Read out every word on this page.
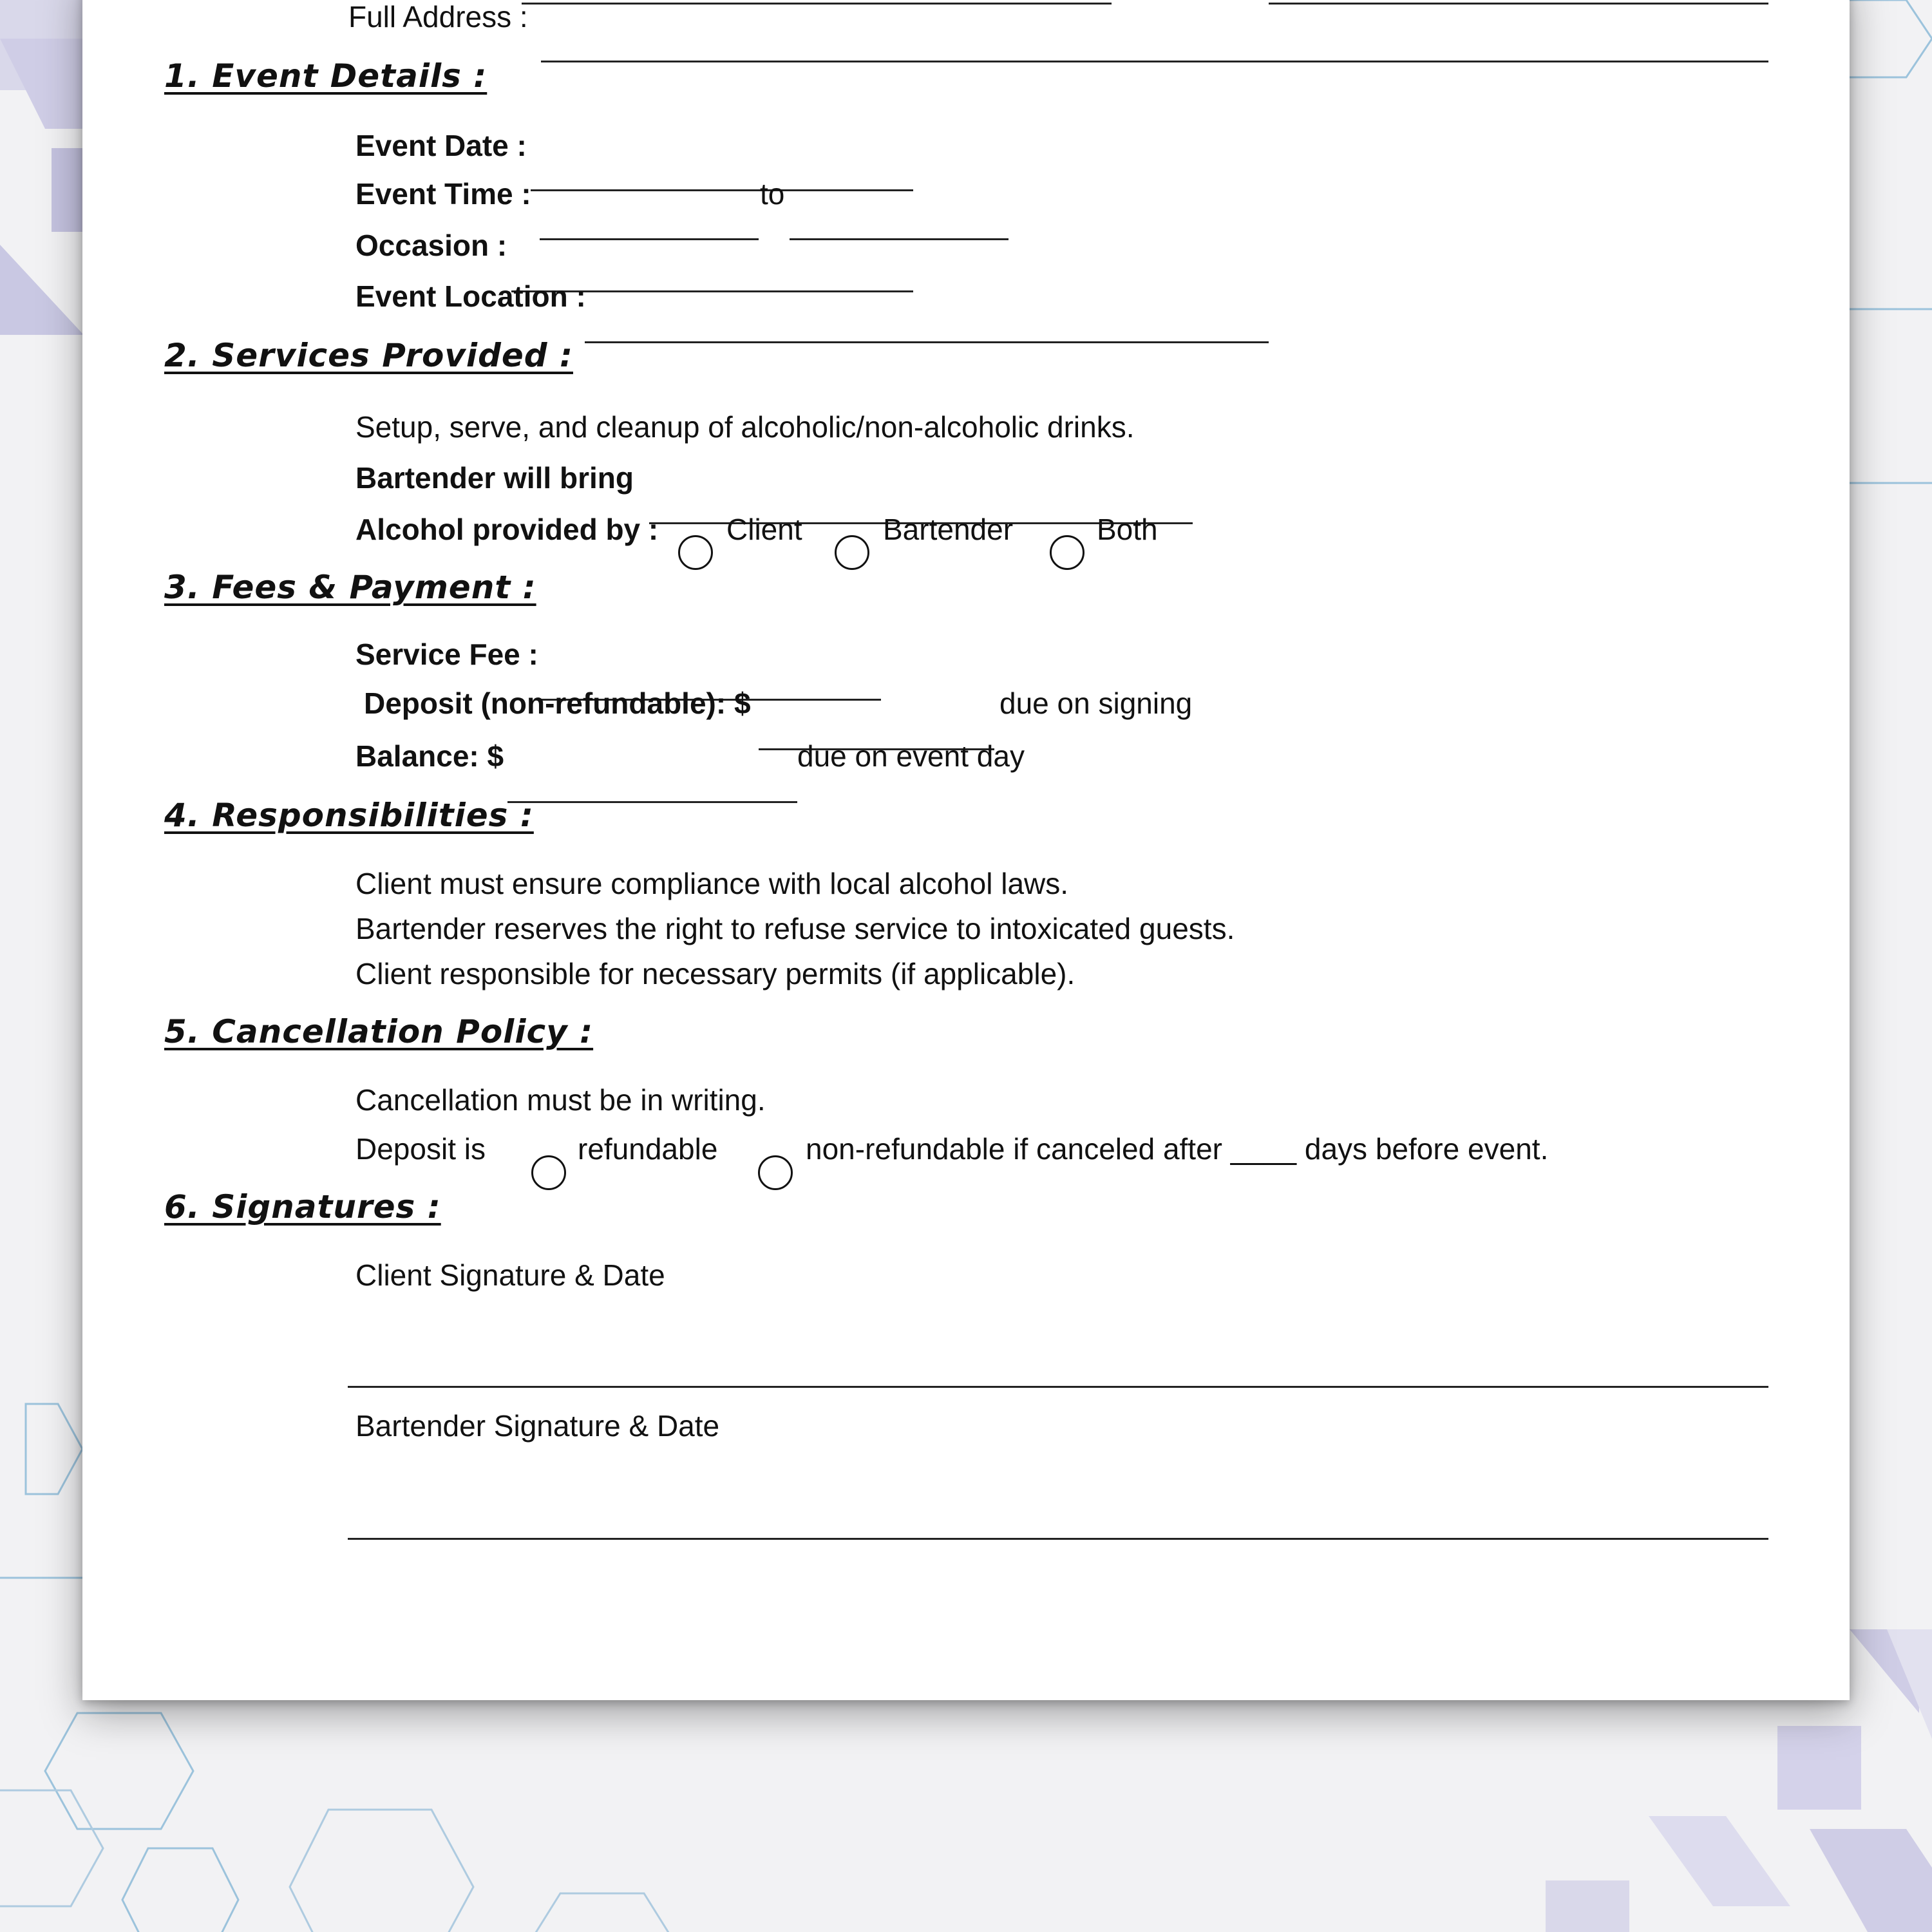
Full Address :
1. Event Details :
Event Date :
Event Time :	to
Occasion :
Event Location :
2. Services Provided :
Setup, serve, and cleanup of alcoholic/non-alcoholic drinks.
Bartender will bring
Alcohol provided by : Client	Bartender	Both
3. Fees & Payment :
Service Fee :
Deposit (non-refundable): $	due on signing
Balance: $	due on event day
4. Responsibilities :
Client must ensure compliance with local alcohol laws.
Bartender reserves the right to refuse service to intoxicated guests.
Client responsible for necessary permits (if applicable).
5. Cancellation Policy :
Cancellation must be in writing.
Deposit is	refundable	non-refundable if canceled after ____ days before event.
6. Signatures :
Client Signature & Date
Bartender Signature & Date
